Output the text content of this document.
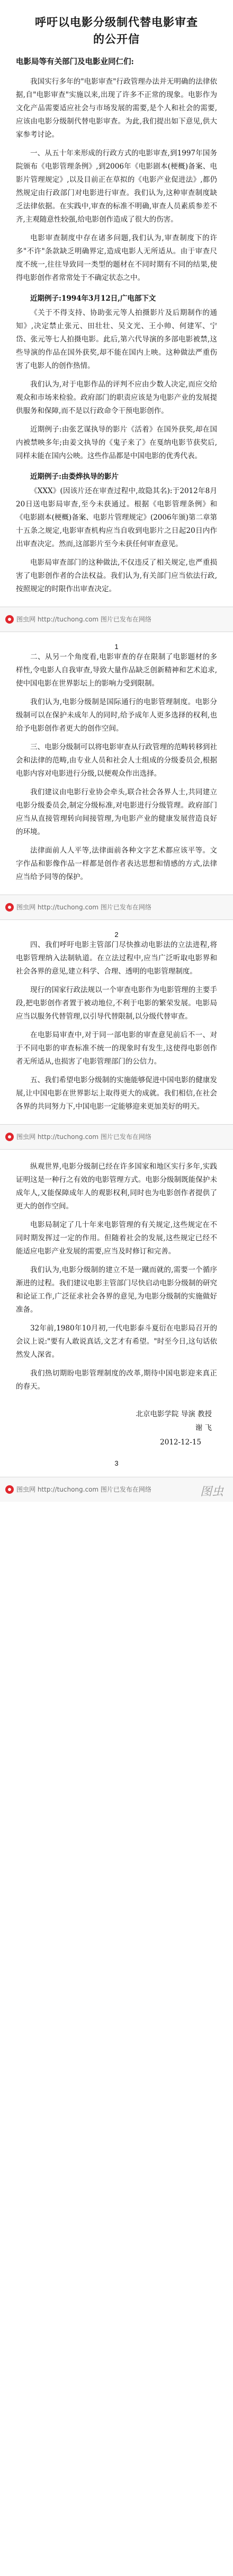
呼吁以电影分级制代替电影审查
的公开信
电影局等有关部门及电影业同仁们:

我国实行多年的"电影审查"行政管理办法并无明确的法律依据,自"电影审查"实施以来,出现了许多不正常的现象。电影作为文化产品需要适应社会与市场发展的需要,是个人和社会的需要,应该由电影分级制代替电影审查。为此,我们提出如下意见,供大家参考讨论。

一、从五十年来形成的行政方式的电影审查,到1997年国务院颁布《电影管理条例》,到2006年《电影剧本(梗概)备案、电影片管理规定》,以及目前正在草拟的《电影产业促进法》,都仍然规定由行政部门对电影进行审查。我们认为,这种审查制度缺乏法律依据。在实践中,审查的标准不明确,审查人员素质参差不齐,主观随意性较强,给电影创作造成了很大的伤害。

电影审查制度中存在诸多问题,我们认为,审查制度下的许多"不许"条款缺乏明确界定,造成电影人无所适从。由于审查尺度不统一,往往导致同一类型的题材在不同时期有不同的结果,使得电影创作者常常处于不确定状态之中。

近期例子:1994年3月12日,广电部下文

《关于不得支持、协助张元等人拍摄影片及后期制作的通知》,决定禁止张元、田壮壮、吴文光、王小帅、何建军、宁岱、张元等七人拍摄电影。此后,第六代导演的多部电影被禁,这些导演的作品在国外获奖,却不能在国内上映。这种做法严重伤害了电影人的创作热情。

我们认为,对于电影作品的评判不应由少数人决定,而应交给观众和市场来检验。政府部门的职责应该是为电影产业的发展提供服务和保障,而不是以行政命令干预电影创作。

近期例子:由张艺谋执导的影片《活着》在国外获奖,却在国内被禁映多年;由姜文执导的《鬼子来了》在戛纳电影节获奖后,同样未能在国内公映。这些作品都是中国电影的优秀代表。

近期例子:由娄烨执导的影片

《XXX》(因该片还在审查过程中,故隐其名):于2012年8月20日送电影局审查,至今未获通过。根据《电影管理条例》和《电影剧本(梗概)备案、电影片管理规定》(2006年颁)第二章第十五条之规定,电影审查机构应当自收到电影片之日起20日内作出审查决定。然而,这部影片至今未获任何审查意见。

电影局审查部门的这种做法,不仅违反了相关规定,也严重损害了电影创作者的合法权益。我们认为,有关部门应当依法行政,按照规定的时限作出审查决定。

图虫网 http://tuchong.com 图片已发布在网络
1

二、从另一个角度看,电影审查的存在限制了电影题材的多样性,令电影人自我审查,导致大量作品缺乏创新精神和艺术追求,使中国电影在世界影坛上的影响力受到限制。

我们认为,电影分级制是国际通行的电影管理制度。电影分级制可以在保护未成年人的同时,给予成年人更多选择的权利,也给予电影创作者更大的创作空间。

三、电影分级制可以将电影审查从行政管理的范畴转移到社会和法律的范畴,由专业人员和社会人士组成的分级委员会,根据电影内容对电影进行分级,以便观众作出选择。

我们建议由电影行业协会牵头,联合社会各界人士,共同建立电影分级委员会,制定分级标准,对电影进行分级管理。政府部门应当从直接管理转向间接管理,为电影产业的健康发展营造良好的环境。

法律面前人人平等,法律面前各种文字艺术都应该平等。文字作品和影像作品一样都是创作者表达思想和情感的方式,法律应当给予同等的保护。

图虫网 http://tuchong.com 图片已发布在网络
2

四、我们呼吁电影主管部门尽快推动电影法的立法进程,将电影管理纳入法制轨道。在立法过程中,应当广泛听取电影界和社会各界的意见,建立科学、合理、透明的电影管理制度。

现行的国家行政法规以一个审查电影作为电影管理的主要手段,把电影创作者置于被动地位,不利于电影的繁荣发展。电影局应当以服务代替管理,以引导代替限制,以分级代替审查。

在电影局审查中,对于同一部电影的审查意见前后不一、对于不同电影的审查标准不统一的现象时有发生,这使得电影创作者无所适从,也损害了电影管理部门的公信力。

五、我们希望电影分级制的实施能够促进中国电影的健康发展,让中国电影在世界影坛上取得更大的成就。我们相信,在社会各界的共同努力下,中国电影一定能够迎来更加美好的明天。

图虫网 http://tuchong.com 图片已发布在网络

纵观世界,电影分级制已经在许多国家和地区实行多年,实践证明这是一种行之有效的电影管理方式。电影分级制既能保护未成年人,又能保障成年人的观影权利,同时也为电影创作者提供了更大的创作空间。

电影局制定了几十年来电影管理的有关规定,这些规定在不同时期发挥过一定的作用。但随着社会的发展,这些规定已经不能适应电影产业发展的需要,应当及时修订和完善。

我们认为,电影分级制的建立不是一蹴而就的,需要一个循序渐进的过程。我们建议电影主管部门尽快启动电影分级制的研究和论证工作,广泛征求社会各界的意见,为电影分级制的实施做好准备。

32年前,1980年10月初,一代电影泰斗夏衍在电影局召开的会议上说:"要有人敢说真话,文艺才有希望。"时至今日,这句话依然发人深省。

我们热切期盼电影管理制度的改革,期待中国电影迎来真正的春天。

北京电影学院 导演 教授
谢 飞
2012-12-15
3
图虫网 http://tuchong.com 图片已发布在网络	图虫
